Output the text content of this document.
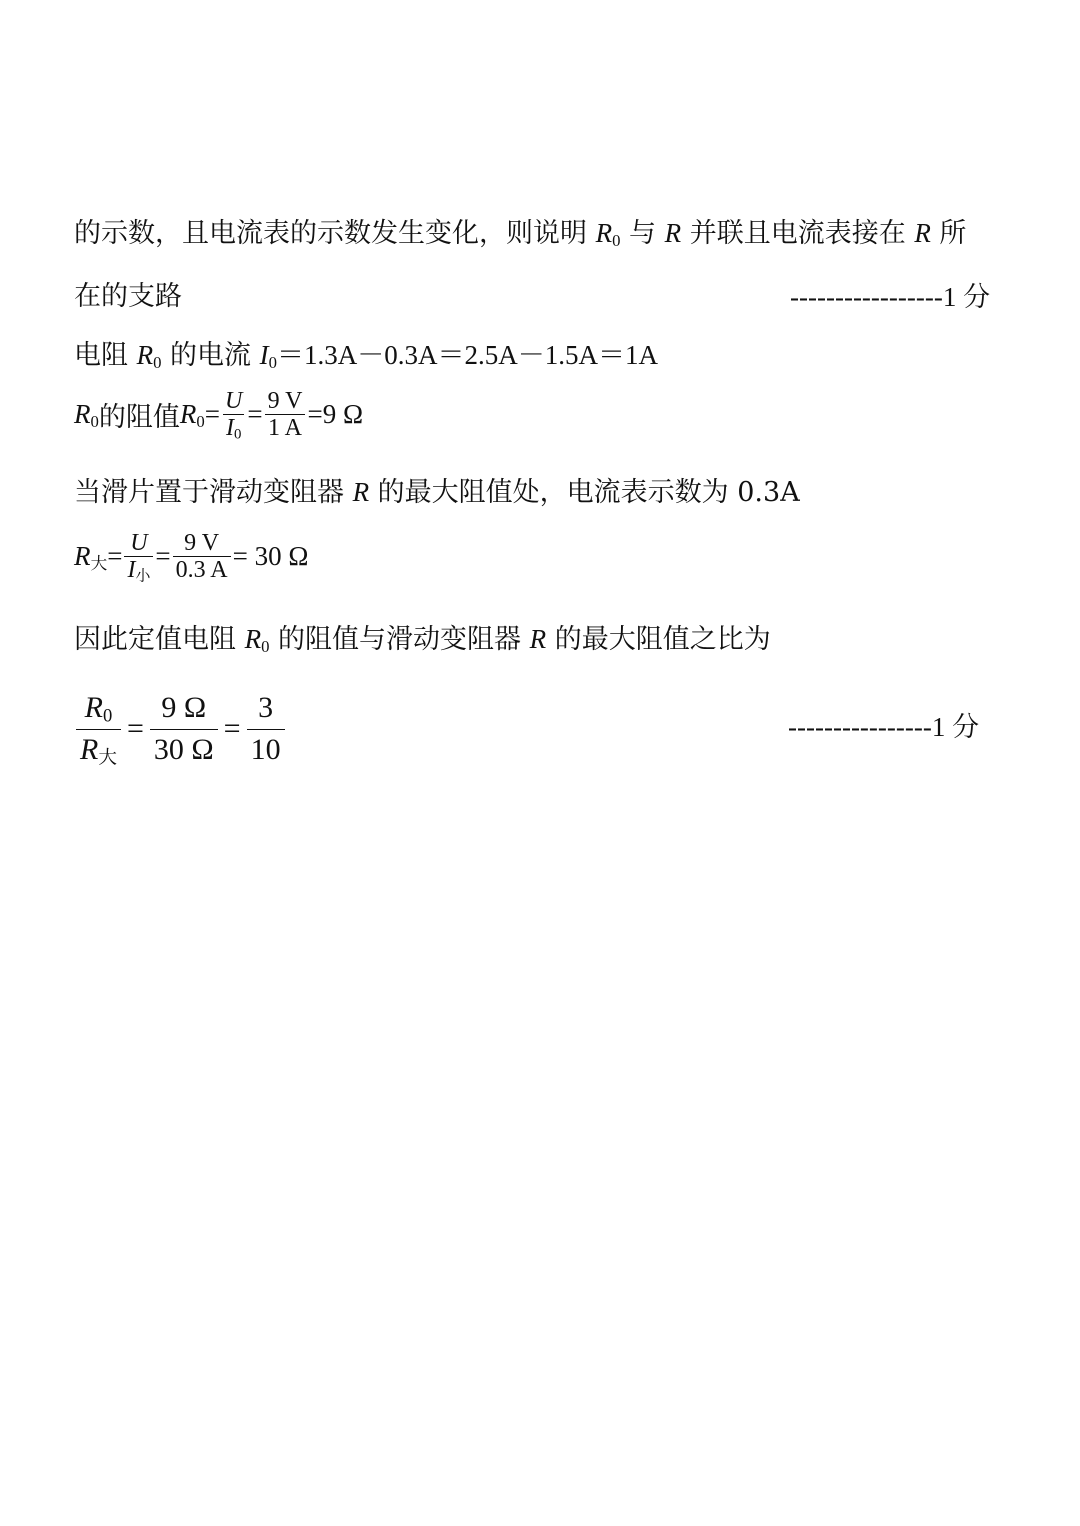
的示数，且电流表的示数发生变化，则说明 $R_0$ 与 R 并联且电流表接在 R 所
在的支路	-----------------1 分
电阻 $R_0$ 的电流 $I_0=1.3A-0.3A=2.5A-1.5A=1A$
$R_0$ 的阻值 $R_0 = \frac{U}{I_0} = \frac{9 V}{1 A} =9$ Ω
当滑片置于滑动变阻器 R 的最大阻值处，电流表示数为 0.3A
$R_大 = \frac{U}{I_小} = \frac{9 V}{0.3 A} = 30$ Ω
因此定值电阻 $R_0$ 的阻值与滑动变阻器 R 的最大阻值之比为
$\frac{R_0}{R_大} = \frac{9 \Omega}{30 \Omega} = \frac{3}{10}$	----------------1 分
